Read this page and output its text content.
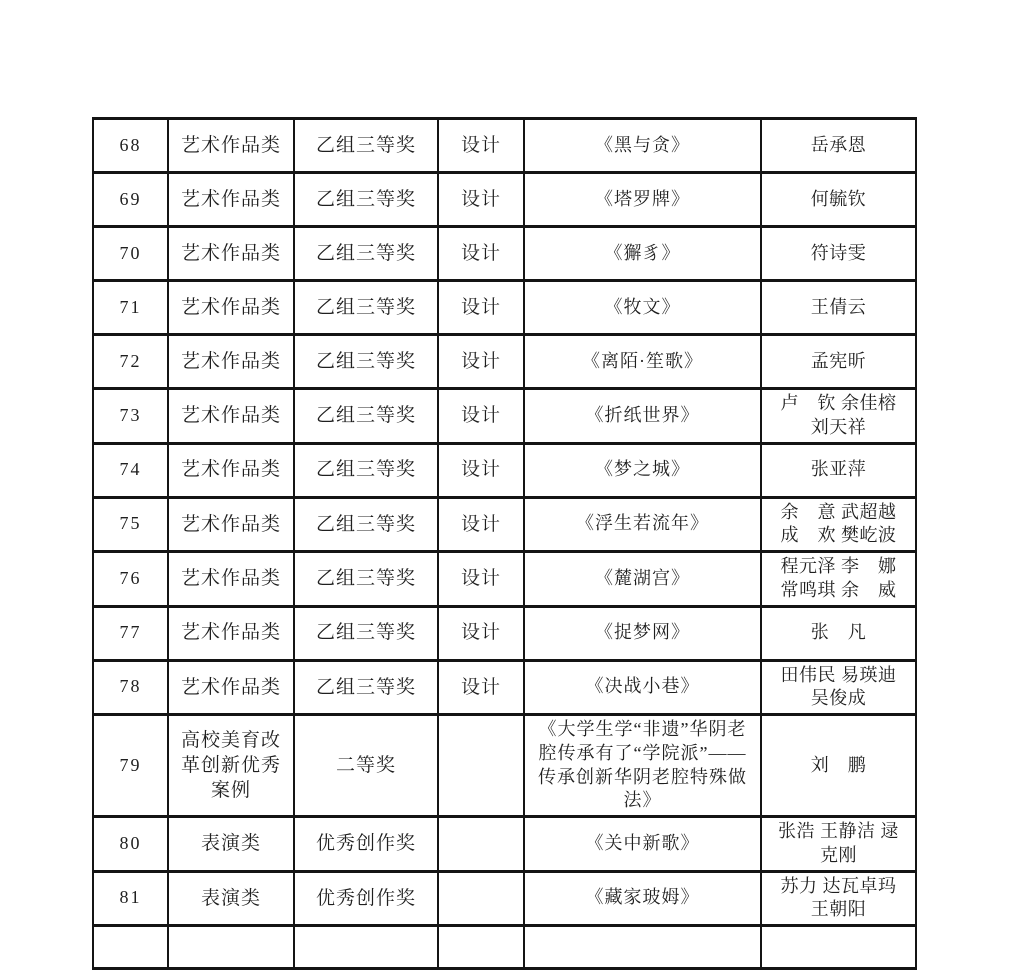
68	艺术作品类	乙组三等奖	设计	《黑与贪》	岳承恩
69	艺术作品类	乙组三等奖	设计	《塔罗牌》	何毓钦
70	艺术作品类	乙组三等奖	设计	《獬豸》	符诗雯
71	艺术作品类	乙组三等奖	设计	《牧文》	王倩云
72	艺术作品类	乙组三等奖	设计	《离陌·笙歌》	孟宪昕
73	艺术作品类	乙组三等奖	设计	《折纸世界》	卢　钦 余佳榕 刘天祥
74	艺术作品类	乙组三等奖	设计	《梦之城》	张亚萍
75	艺术作品类	乙组三等奖	设计	《浮生若流年》	余　意 武超越 成　欢 樊屹波
76	艺术作品类	乙组三等奖	设计	《麓湖宫》	程元泽 李　娜 常鸣琪 余　威
77	艺术作品类	乙组三等奖	设计	《捉梦网》	张　凡
78	艺术作品类	乙组三等奖	设计	《决战小巷》	田伟民 易瑛迪 吴俊成
79	高校美育改革创新优秀案例	二等奖		《大学生学“非遗”华阴老腔传承有了“学院派”——传承创新华阴老腔特殊做法》	刘　鹏
80	表演类	优秀创作奖		《关中新歌》	张浩 王静洁 逯克刚
81	表演类	优秀创作奖		《藏家玻姆》	苏力 达瓦卓玛 王朝阳
